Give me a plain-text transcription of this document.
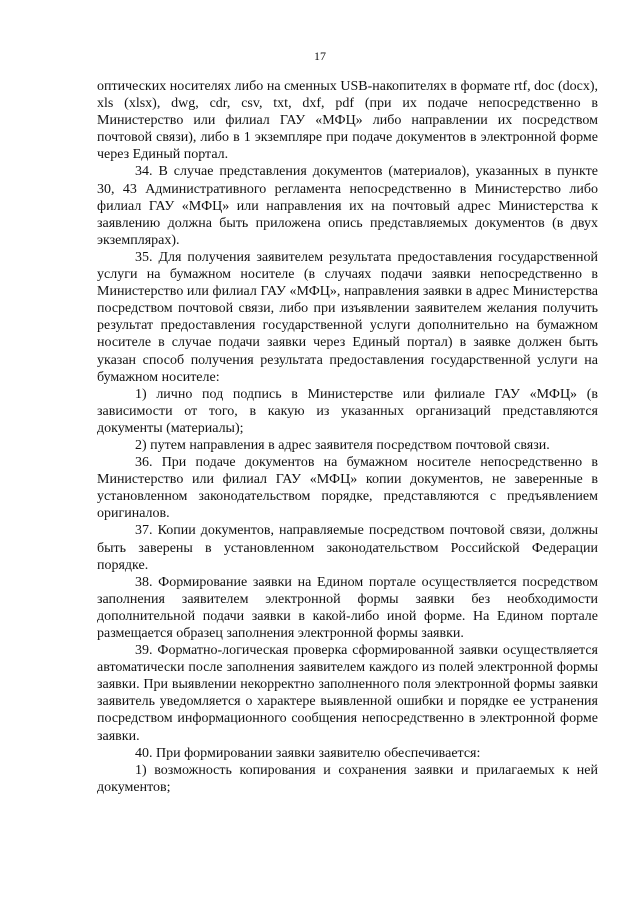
17

оптических носителях либо на сменных USB-накопителях в формате rtf, doc (docx), xls (xlsx), dwg, cdr, csv, txt, dxf, pdf (при их подаче непосредственно в Министерство или филиал ГАУ «МФЦ» либо направлении их посредством почтовой связи), либо в 1 экземпляре при подаче документов в электронной форме через Единый портал.

34. В случае представления документов (материалов), указанных в пункте 30, 43 Административного регламента непосредственно в Министерство либо филиал ГАУ «МФЦ» или направления их на почтовый адрес Министерства к заявлению должна быть приложена опись представляемых документов (в двух экземплярах).

35. Для получения заявителем результата предоставления государственной услуги на бумажном носителе (в случаях подачи заявки непосредственно в Министерство или филиал ГАУ «МФЦ», направления заявки в адрес Министерства посредством почтовой связи, либо при изъявлении заявителем желания получить результат предоставления государственной услуги дополнительно на бумажном носителе в случае подачи заявки через Единый портал) в заявке должен быть указан способ получения результата предоставления государственной услуги на бумажном носителе:

1) лично под подпись в Министерстве или филиале ГАУ «МФЦ» (в зависимости от того, в какую из указанных организаций представляются документы (материалы);

2) путем направления в адрес заявителя посредством почтовой связи.

36. При подаче документов на бумажном носителе непосредственно в Министерство или филиал ГАУ «МФЦ» копии документов, не заверенные в установленном законодательством порядке, представляются с предъявлением оригиналов.

37. Копии документов, направляемые посредством почтовой связи, должны быть заверены в установленном законодательством Российской Федерации порядке.

38. Формирование заявки на Едином портале осуществляется посредством заполнения заявителем электронной формы заявки без необходимости дополнительной подачи заявки в какой-либо иной форме. На Едином портале размещается образец заполнения электронной формы заявки.

39. Форматно-логическая проверка сформированной заявки осуществляется автоматически после заполнения заявителем каждого из полей электронной формы заявки. При выявлении некорректно заполненного поля электронной формы заявки заявитель уведомляется о характере выявленной ошибки и порядке ее устранения посредством информационного сообщения непосредственно в электронной форме заявки.

40. При формировании заявки заявителю обеспечивается:

1) возможность копирования и сохранения заявки и прилагаемых к ней документов;
